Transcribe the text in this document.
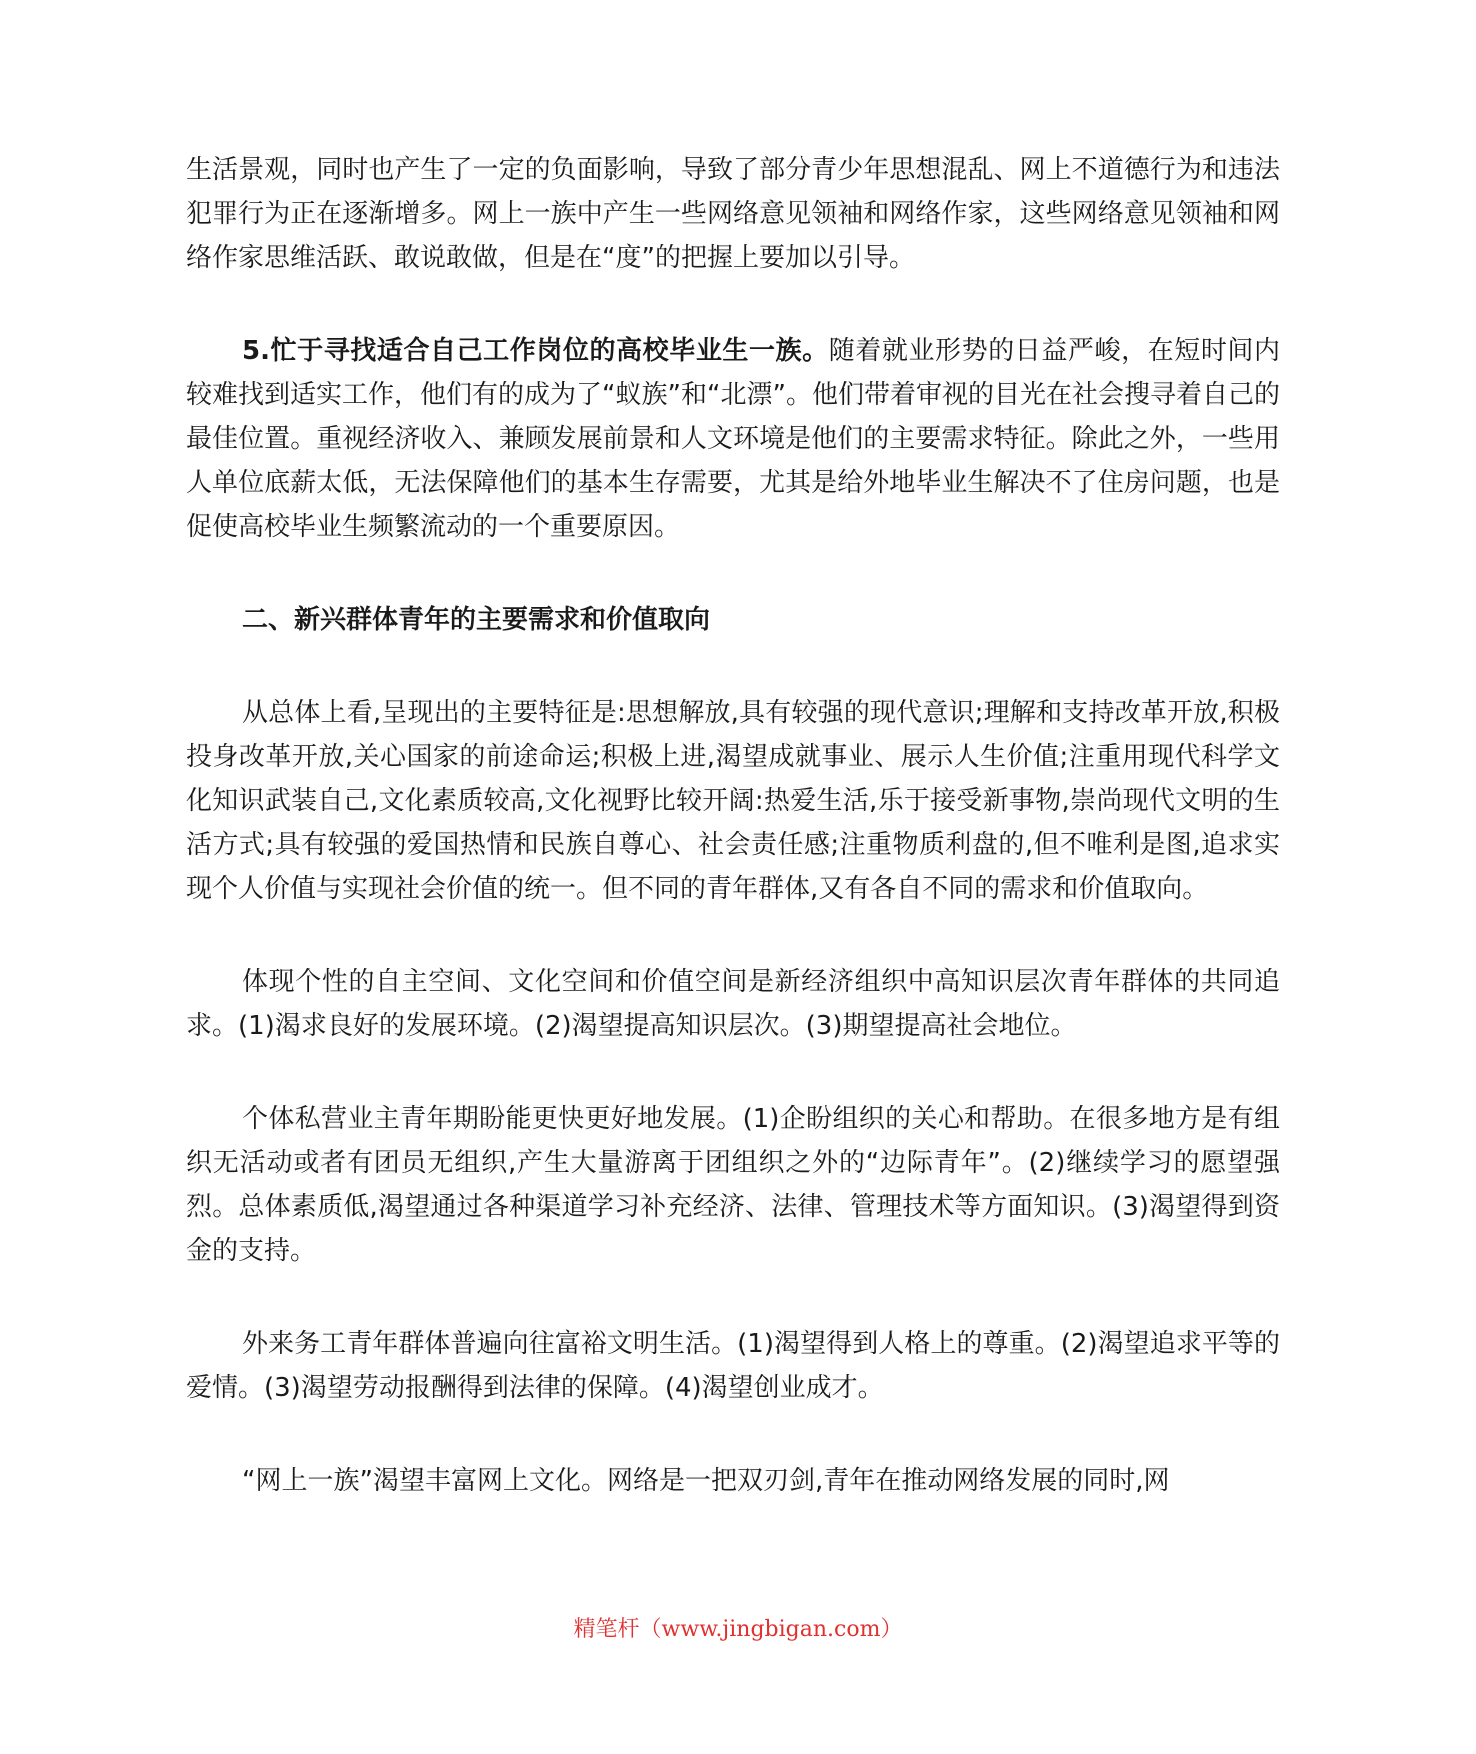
生活景观，同时也产生了一定的负面影响，导致了部分青少年思想混乱、网上不道德行为和违法犯罪行为正在逐渐增多。网上一族中产生一些网络意见领袖和网络作家，这些网络意见领袖和网络作家思维活跃、敢说敢做，但是在“度”的把握上要加以引导。

5.忙于寻找适合自己工作岗位的高校毕业生一族。随着就业形势的日益严峻，在短时间内较难找到适实工作，他们有的成为了“蚁族”和“北漂”。他们带着审视的目光在社会搜寻着自己的最佳位置。重视经济收入、兼顾发展前景和人文环境是他们的主要需求特征。除此之外，一些用人单位底薪太低，无法保障他们的基本生存需要，尤其是给外地毕业生解决不了住房问题，也是促使高校毕业生频繁流动的一个重要原因。

二、新兴群体青年的主要需求和价值取向

从总体上看,呈现出的主要特征是:思想解放,具有较强的现代意识;理解和支持改革开放,积极投身改革开放,关心国家的前途命运;积极上进,渴望成就事业、展示人生价值;注重用现代科学文化知识武装自己,文化素质较高,文化视野比较开阔:热爱生活,乐于接受新事物,崇尚现代文明的生活方式;具有较强的爱国热情和民族自尊心、社会责任感;注重物质利盘的,但不唯利是图,追求实现个人价值与实现社会价值的统一。但不同的青年群体,又有各自不同的需求和价值取向。

体现个性的自主空间、文化空间和价值空间是新经济组织中高知识层次青年群体的共同追求。(1)渴求良好的发展环境。(2)渴望提高知识层次。(3)期望提高社会地位。

个体私营业主青年期盼能更快更好地发展。(1)企盼组织的关心和帮助。在很多地方是有组织无活动或者有团员无组织,产生大量游离于团组织之外的“边际青年”。(2)继续学习的愿望强烈。总体素质低,渴望通过各种渠道学习补充经济、法律、管理技术等方面知识。(3)渴望得到资金的支持。

外来务工青年群体普遍向往富裕文明生活。(1)渴望得到人格上的尊重。(2)渴望追求平等的爱情。(3)渴望劳动报酬得到法律的保障。(4)渴望创业成才。

“网上一族”渴望丰富网上文化。网络是一把双刃剑,青年在推动网络发展的同时,网

精笔杆（www.jingbigan.com）
